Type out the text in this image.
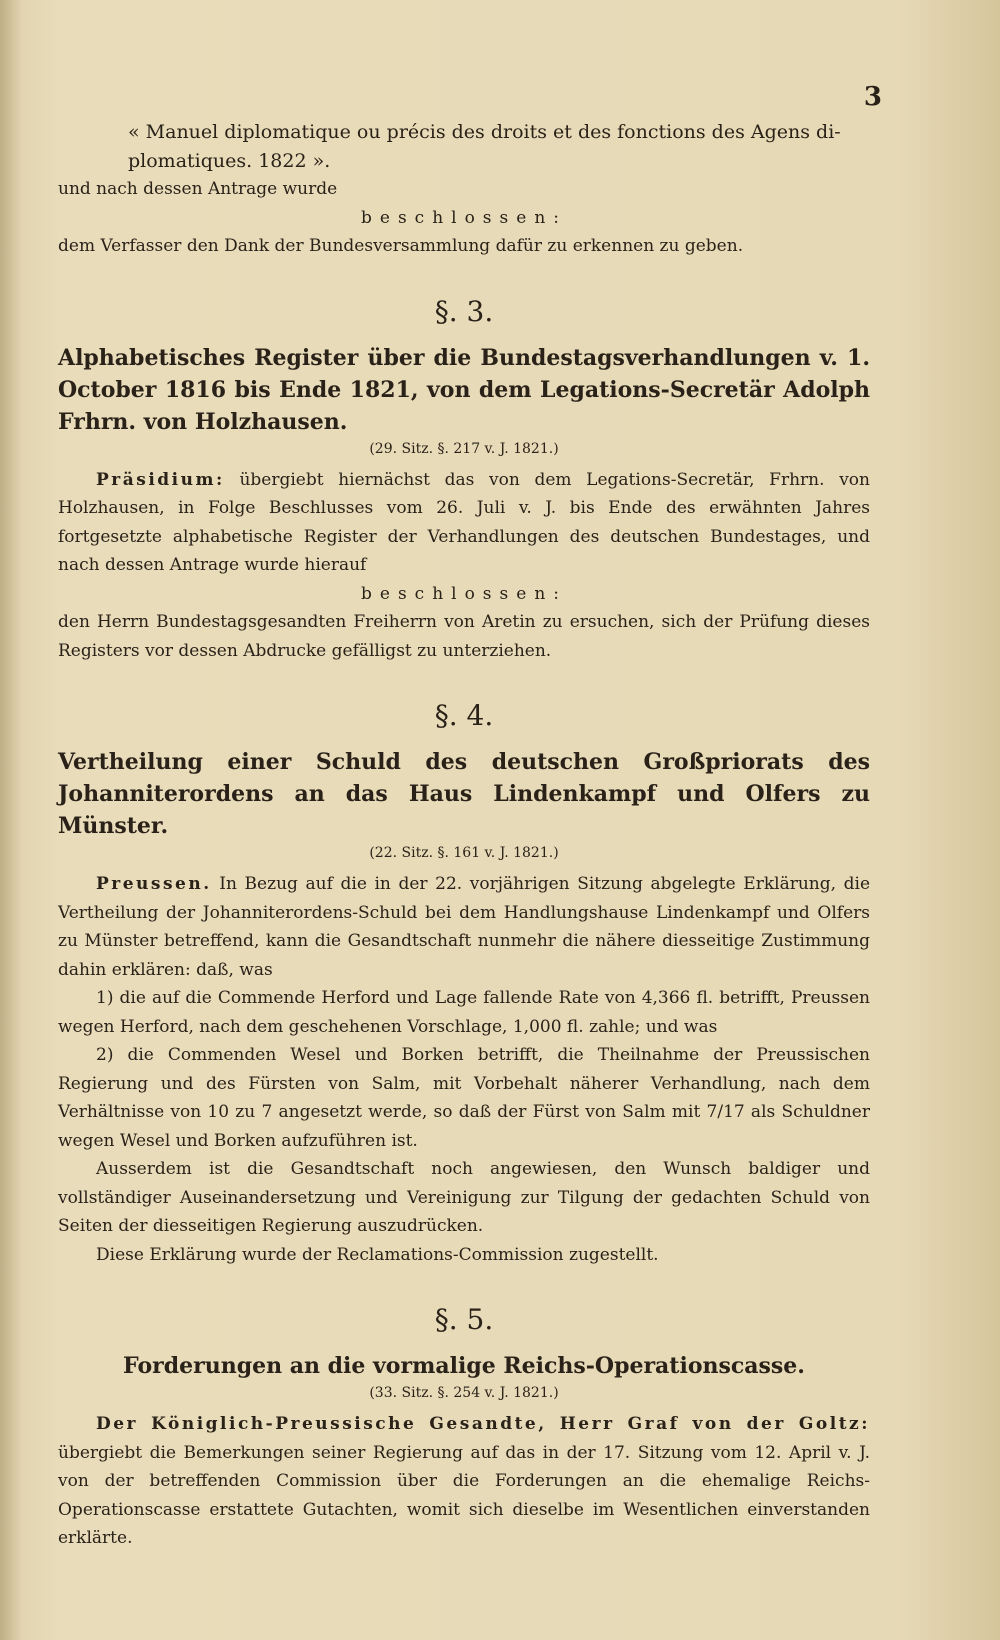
3

« Manuel diplomatique ou précis des droits et des fonctions des Agens di-

plomatiques. 1822 ».

und nach dessen Antrage wurde

beschlossen:

dem Verfasser den Dank der Bundesversammlung dafür zu erkennen zu geben.

§. 3.

Alphabetisches Register über die Bundestagsverhandlungen v. 1. October 1816 bis Ende 1821, von dem Legations-Secretär Adolph Frhrn. von Holzhausen.

(29. Sitz. §. 217 v. J. 1821.)

Präsidium: übergiebt hiernächst das von dem Legations-Secretär, Frhrn. von Holzhausen, in Folge Beschlusses vom 26. Juli v. J. bis Ende des erwähnten Jahres fortgesetzte alphabetische Register der Verhandlungen des deutschen Bundestages, und nach dessen Antrage wurde hierauf

beschlossen:

den Herrn Bundestagsgesandten Freiherrn von Aretin zu ersuchen, sich der Prüfung dieses Registers vor dessen Abdrucke gefälligst zu unterziehen.

§. 4.

Vertheilung einer Schuld des deutschen Großpriorats des Johanniterordens an das Haus Lindenkampf und Olfers zu Münster.

(22. Sitz. §. 161 v. J. 1821.)

Preussen. In Bezug auf die in der 22. vorjährigen Sitzung abgelegte Erklärung, die Vertheilung der Johanniterordens-Schuld bei dem Handlungshause Lindenkampf und Olfers zu Münster betreffend, kann die Gesandtschaft nunmehr die nähere diesseitige Zustimmung dahin erklären: daß, was

1) die auf die Commende Herford und Lage fallende Rate von 4,366 fl. betrifft, Preussen wegen Herford, nach dem geschehenen Vorschlage, 1,000 fl. zahle; und was

2) die Commenden Wesel und Borken betrifft, die Theilnahme der Preussischen Regierung und des Fürsten von Salm, mit Vorbehalt näherer Verhandlung, nach dem Verhältnisse von 10 zu 7 angesetzt werde, so daß der Fürst von Salm mit 7/17 als Schuldner wegen Wesel und Borken aufzuführen ist.

Ausserdem ist die Gesandtschaft noch angewiesen, den Wunsch baldiger und vollständiger Auseinandersetzung und Vereinigung zur Tilgung der gedachten Schuld von Seiten der diesseitigen Regierung auszudrücken.

Diese Erklärung wurde der Reclamations-Commission zugestellt.

§. 5.

Forderungen an die vormalige Reichs-Operationscasse.

(33. Sitz. §. 254 v. J. 1821.)

Der Königlich-Preussische Gesandte, Herr Graf von der Goltz: übergiebt die Bemerkungen seiner Regierung auf das in der 17. Sitzung vom 12. April v. J. von der betreffenden Commission über die Forderungen an die ehemalige Reichs-Operationscasse erstattete Gutachten, womit sich dieselbe im Wesentlichen einverstanden erklärte.
